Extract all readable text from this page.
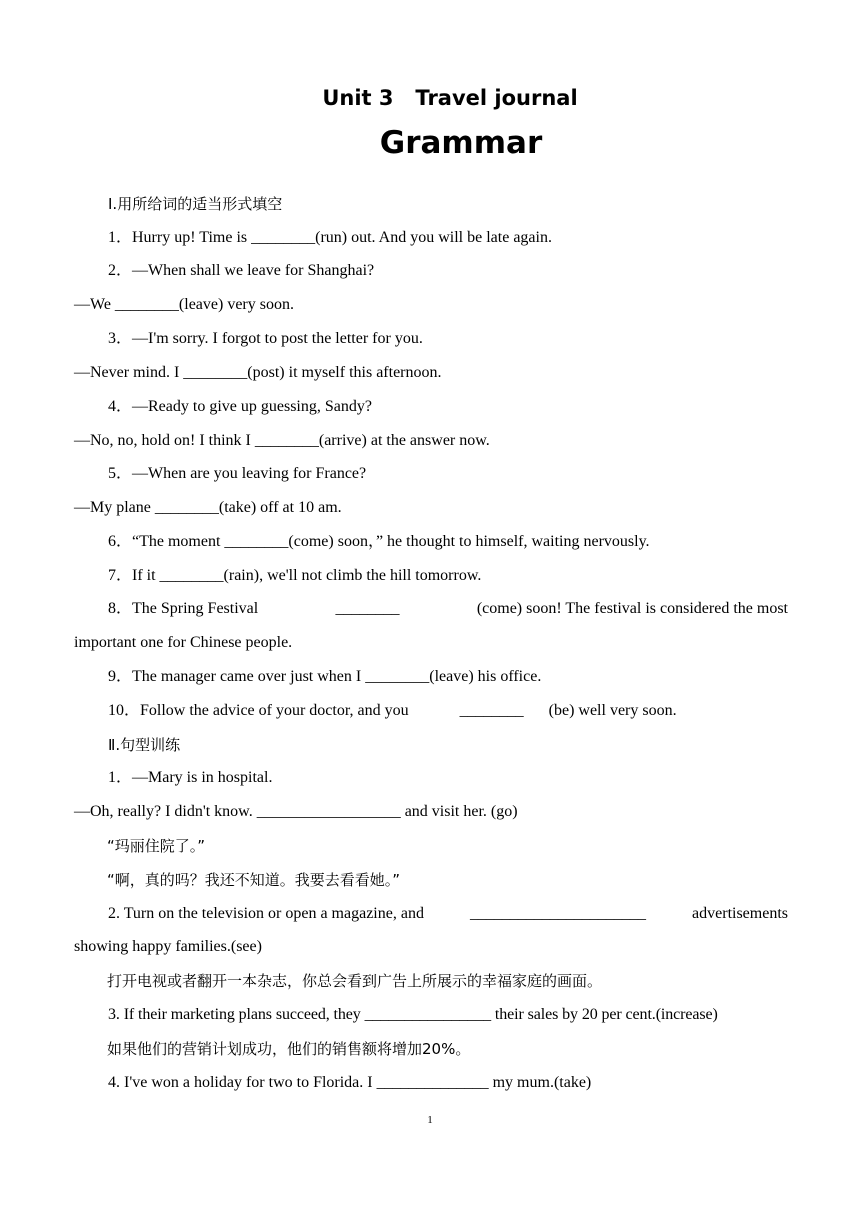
Unit 3   Travel journal
Grammar
Ⅰ.用所给词的适当形式填空
1．Hurry up! Time is ________(run) out. And you will be late again.
2．—When shall we leave for Shanghai?
—We ________(leave) very soon.
3．—I'm sorry. I forgot to post the letter for you.
—Never mind. I ________(post) it myself this afternoon.
4．—Ready to give up guessing, Sandy?
—No, no, hold on! I think I ________(arrive) at the answer now.
5．—When are you leaving for France?
—My plane ________(take) off at 10 am.
6．“The moment ________(come) soon，” he thought to himself, waiting nervously.
7．If it ________(rain), we'll not climb the hill tomorrow.
8．The Spring Festival	________	(come) soon! The festival is considered the most
important one for Chinese people.
9．The manager came over just when I ________(leave) his office.
10．Follow the advice of your doctor, and you	________ (be) well very soon.
Ⅱ.句型训练
1．—Mary is in hospital.
—Oh, really? I didn't know. __________________ and visit her. (go)
“玛丽住院了。”
“啊，真的吗？我还不知道。我要去看看她。”
2. Turn on the television or open a magazine, and	______________________	advertisements
showing happy families.(see)
打开电视或者翻开一本杂志，你总会看到广告上所展示的幸福家庭的画面。
3. If their marketing plans succeed, they ________________ their sales by 20 per cent.(increase)
如果他们的营销计划成功，他们的销售额将增加20%。
4. I've won a holiday for two to Florida. I ______________ my mum.(take)
1
